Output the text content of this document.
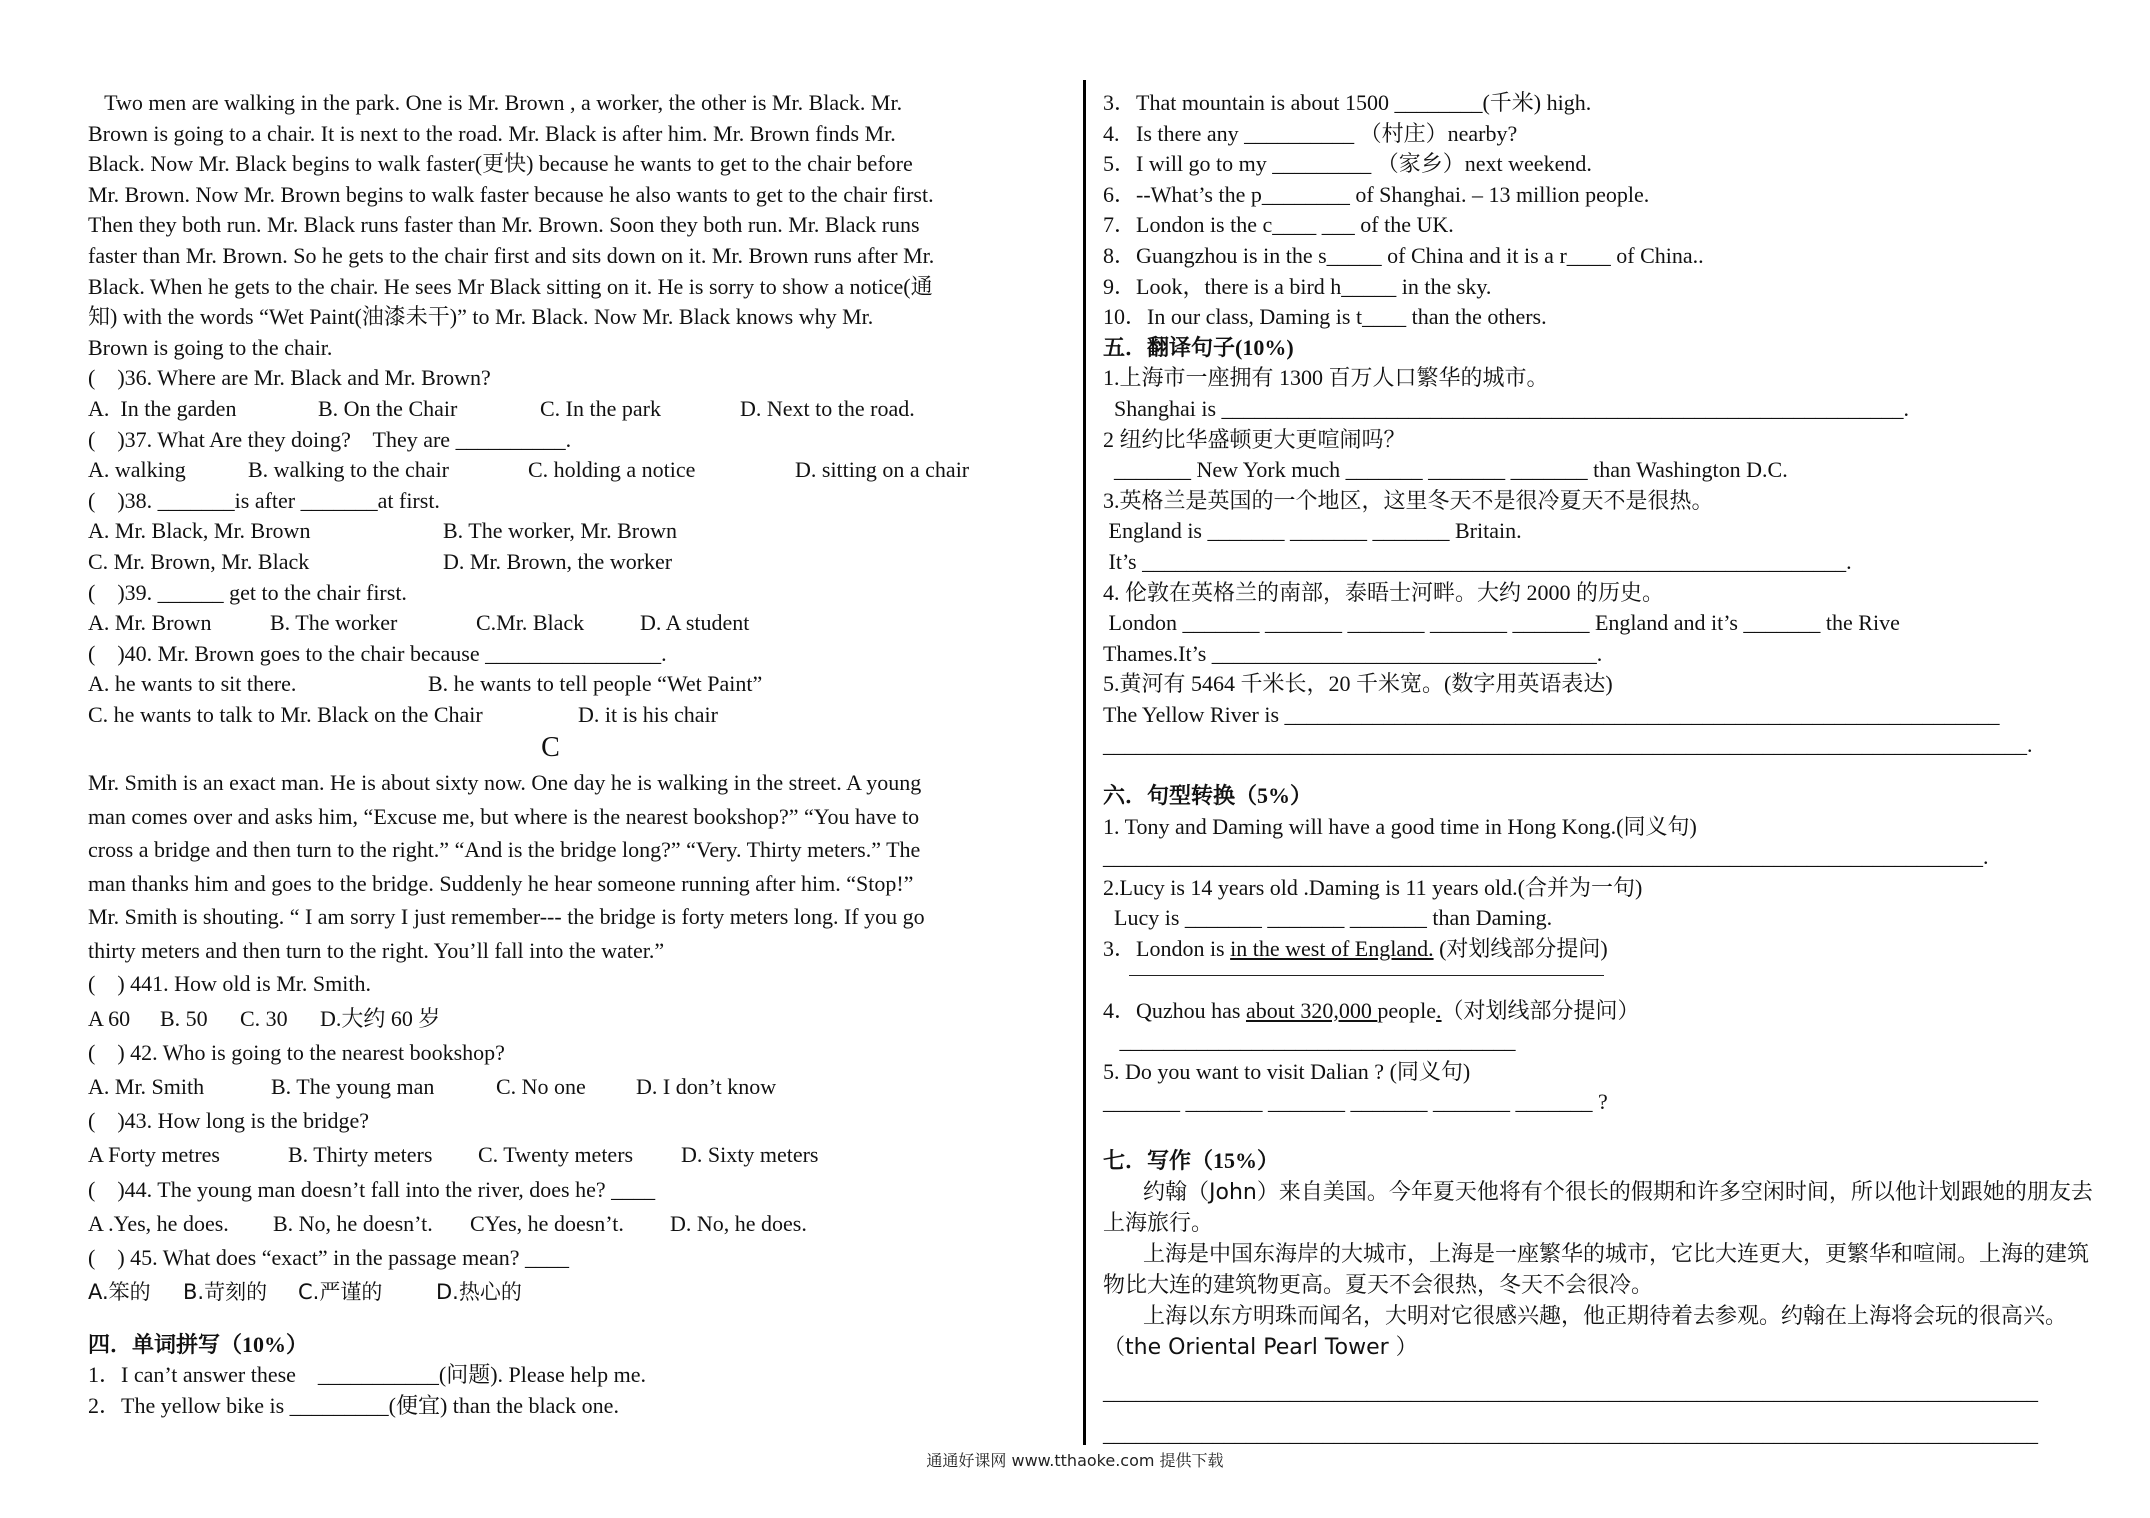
Two men are walking in the park. One is Mr. Brown , a worker, the other is Mr. Black. Mr.
Brown is going to a chair. It is next to the road. Mr. Black is after him. Mr. Brown finds Mr.
Black. Now Mr. Black begins to walk faster(更快) because he wants to get to the chair before
Mr. Brown. Now Mr. Brown begins to walk faster because he also wants to get to the chair first.
Then they both run. Mr. Black runs faster than Mr. Brown. Soon they both run. Mr. Black runs
faster than Mr. Brown. So he gets to the chair first and sits down on it. Mr. Brown runs after Mr.
Black. When he gets to the chair. He sees Mr Black sitting on it. He is sorry to show a notice(通
知) with the words “Wet Paint(油漆未干)” to Mr. Black. Now Mr. Black knows why Mr.
Brown is going to the chair.
(    )36. Where are Mr. Black and Mr. Brown?
A.  In the garden	B. On the Chair	C. In the park	D. Next to the road.
(    )37. What Are they doing?    They are __________.
A. walking	B. walking to the chair	C. holding a notice	D. sitting on a chair
(    )38. _______is after _______at first.
A. Mr. Black, Mr. Brown	B. The worker, Mr. Brown
C. Mr. Brown, Mr. Black	D. Mr. Brown, the worker
(    )39. ______ get to the chair first.
A. Mr. Brown	B. The worker	C.Mr. Black	D. A student
(    )40. Mr. Brown goes to the chair because ________________.
A. he wants to sit there.	B. he wants to tell people “Wet Paint”
C. he wants to talk to Mr. Black on the Chair	D. it is his chair
C
Mr. Smith is an exact man. He is about sixty now. One day he is walking in the street. A young
man comes over and asks him, “Excuse me, but where is the nearest bookshop?” “You have to
cross a bridge and then turn to the right.” “And is the bridge long?” “Very. Thirty meters.” The
man thanks him and goes to the bridge. Suddenly he hear someone running after him. “Stop!”
Mr. Smith is shouting. “ I am sorry I just remember--- the bridge is forty meters long. If you go
thirty meters and then turn to the right. You’ll fall into the water.”
(    ) 441. How old is Mr. Smith.
A 60	B. 50	C. 30	D.大约 60 岁
(    ) 42. Who is going to the nearest bookshop?
A. Mr. Smith	B. The young man	C. No one	D. I don’t know
(    )43. How long is the bridge?
A Forty metres	B. Thirty meters	C. Twenty meters	D. Sixty meters
(    )44. The young man doesn’t fall into the river, does he? ____
A .Yes, he does.	B. No, he doesn’t.	CYes, he doesn’t.	D. No, he does.
(    ) 45. What does “exact” in the passage mean? ____
A.笨的	B.苛刻的	C.严谨的	D.热心的
四．单词拼写（10%）
1．I can’t answer these    ___________(问题). Please help me.
2．The yellow bike is _________(便宜) than the black one.
3．That mountain is about 1500 ________(千米) high.
4.   Is there any __________ （村庄）nearby?
5．I will go to my _________ （家乡）next weekend.
6．--What’s the p________ of Shanghai. – 13 million people.
7．London is the c____ ___ of the UK.
8．Guangzhou is in the s_____ of China and it is a r____ of China..
9．Look，there is a bird h_____ in the sky.
10．In our class, Daming is t____ than the others.
五．翻译句子(10%)
1.上海市一座拥有 1300 百万人口繁华的城市。
Shanghai is ______________________________________________________________.
2 纽约比华盛顿更大更喧闹吗？
_______ New York much _______ _______ _______ than Washington D.C.
3.英格兰是英国的一个地区，这里冬天不是很冷夏天不是很热。
England is _______ _______ _______ Britain.
It’s ________________________________________________________________.
4. 伦敦在英格兰的南部，泰晤士河畔。大约 2000 的历史。
London _______ _______ _______ _______ _______ England and it’s _______ the Rive
Thames.It’s ___________________________________.
5.黄河有 5464 千米长，20 千米宽。(数字用英语表达)
The Yellow River is _________________________________________________________________
____________________________________________________________________________________.
六．句型转换（5%）
1. Tony and Daming will have a good time in Hong Kong.(同义句)
________________________________________________________________________________.
2.Lucy is 14 years old .Daming is 11 years old.(合并为一句)
Lucy is _______ _______ _______ than Daming.
3．London is in the west of England. (对划线部分提问)
4．Quzhou has about 320,000 people.（对划线部分提问）
____________________________________
5. Do you want to visit Dalian ? (同义句)
_______ _______ _______ _______ _______ _______ ?
七．写作（15%）

约翰（John）来自美国。今年夏天他将有个很长的假期和许多空闲时间，所以他计划跟她的朋友去上海旅行。

上海是中国东海岸的大城市，上海是一座繁华的城市，它比大连更大，更繁华和喧闹。上海的建筑物比大连的建筑物更高。夏天不会很热，冬天不会很冷。

上海以东方明珠而闻名，大明对它很感兴趣，他正期待着去参观。约翰在上海将会玩的很高兴。（the Oriental Pearl Tower ）

_____________________________________________________________________________________
_____________________________________________________________________________________
通通好课网 www.tthaoke.com 提供下载
